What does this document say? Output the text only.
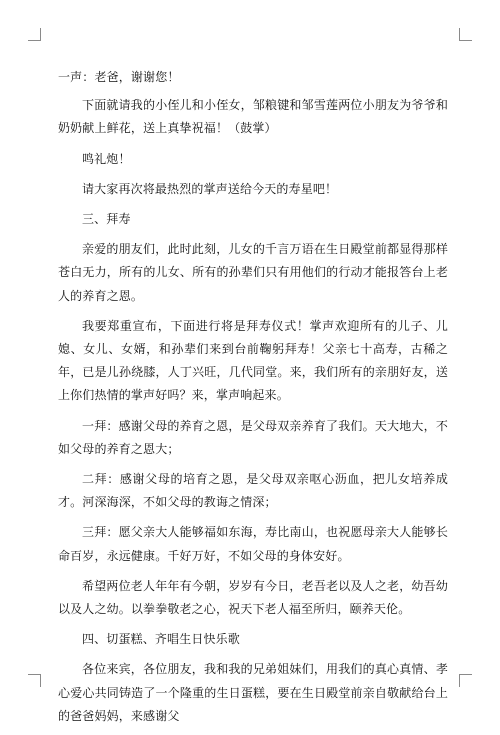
一声：老爸，谢谢您！

下面就请我的小侄儿和小侄女，邹粮键和邹雪莲两位小朋友为爷爷和奶奶献上鲜花，送上真挚祝福！（鼓掌）

鸣礼炮！

请大家再次将最热烈的掌声送给今天的寿星吧！

三、拜寿

亲爱的朋友们，此时此刻，儿女的千言万语在生日殿堂前都显得那样苍白无力，所有的儿女、所有的孙辈们只有用他们的行动才能报答台上老人的养育之恩。

我要郑重宣布，下面进行将是拜寿仪式！掌声欢迎所有的儿子、儿媳、女儿、女婿，和孙辈们来到台前鞠躬拜寿！父亲七十高寿，古稀之年，已是儿孙绕膝，人丁兴旺，几代同堂。来，我们所有的亲朋好友，送上你们热情的掌声好吗？来，掌声响起来。

一拜：感谢父母的养育之恩，是父母双亲养育了我们。天大地大，不如父母的养育之恩大；

二拜：感谢父母的培育之恩，是父母双亲呕心沥血，把儿女培养成才。河深海深，不如父母的教诲之情深；

三拜：愿父亲大人能够福如东海，寿比南山，也祝愿母亲大人能够长命百岁，永远健康。千好万好，不如父母的身体安好。

希望两位老人年年有今朝，岁岁有今日，老吾老以及人之老，幼吾幼以及人之幼。以拳拳敬老之心，祝天下老人福至所归，颐养天伦。

四、切蛋糕、齐唱生日快乐歌

各位来宾，各位朋友，我和我的兄弟姐妹们，用我们的真心真情、孝心爱心共同铸造了一个隆重的生日蛋糕，要在生日殿堂前亲自敬献给台上的爸爸妈妈，来感谢父
